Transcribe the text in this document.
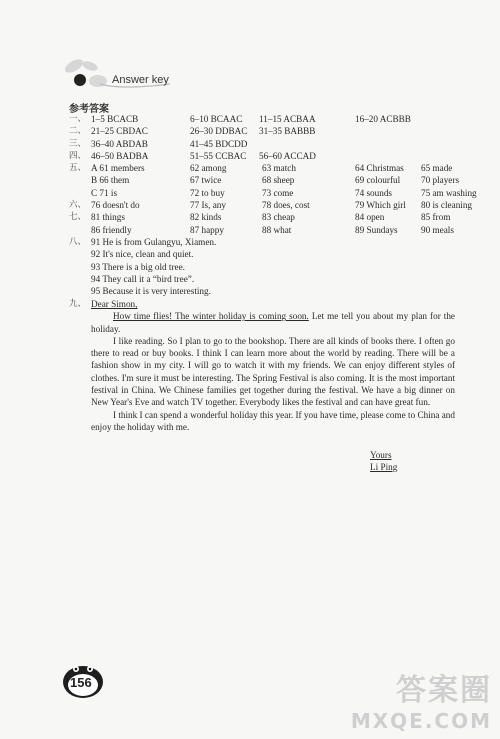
Answer key
参考答案
一、 1–5 BCACB	6–10 BCAAC 11–15 ACBAA	16–20 ACBBB
二、 21–25 CBDAC	26–30 DDBAC 31–35 BABBB
三、 36–40 ABDAB	41–45 BDCDD
四、 46–50 BADBA	51–55 CCBAC 56–60 ACCAD
五、 A 61 members	62 among	63 match	64 Christmas 65 made
B 66 them	67 twice	68 sheep	69 colourful 70 players
C 71 is	72 to buy	73 come	74 sounds	75 am washing
六、 76 doesn't do	77 Is, any	78 does, cost	79 Which girl 80 is cleaning
七、 81 things	82 kinds	83 cheap	84 open	85 from
86 friendly	87 happy	88 what	89 Sundays	90 meals
八、 91 He is from Gulangyu, Xiamen.
92 It's nice, clean and quiet.
93 There is a big old tree.
94 They call it a “bird tree”.
95 Because it is very interesting.
九、 Dear Simon,

How time flies! The winter holiday is coming soon. Let me tell you about my plan for the holiday.

I like reading. So I plan to go to the bookshop. There are all kinds of books there. I often go there to read or buy books. I think I can learn more about the world by reading. There will be a fashion show in my city. I will go to watch it with my friends. We can enjoy different styles of clothes. I'm sure it must be interesting. The Spring Festival is also coming. It is the most important festival in China. We Chinese families get together during the festival. We have a big dinner on New Year's Eve and watch TV together. Everybody likes the festival and can have great fun.

I think I can spend a wonderful holiday this year. If you have time, please come to China and enjoy the holiday with me.

Yours
Li Ping
156	答案圈
MXQE.COM
